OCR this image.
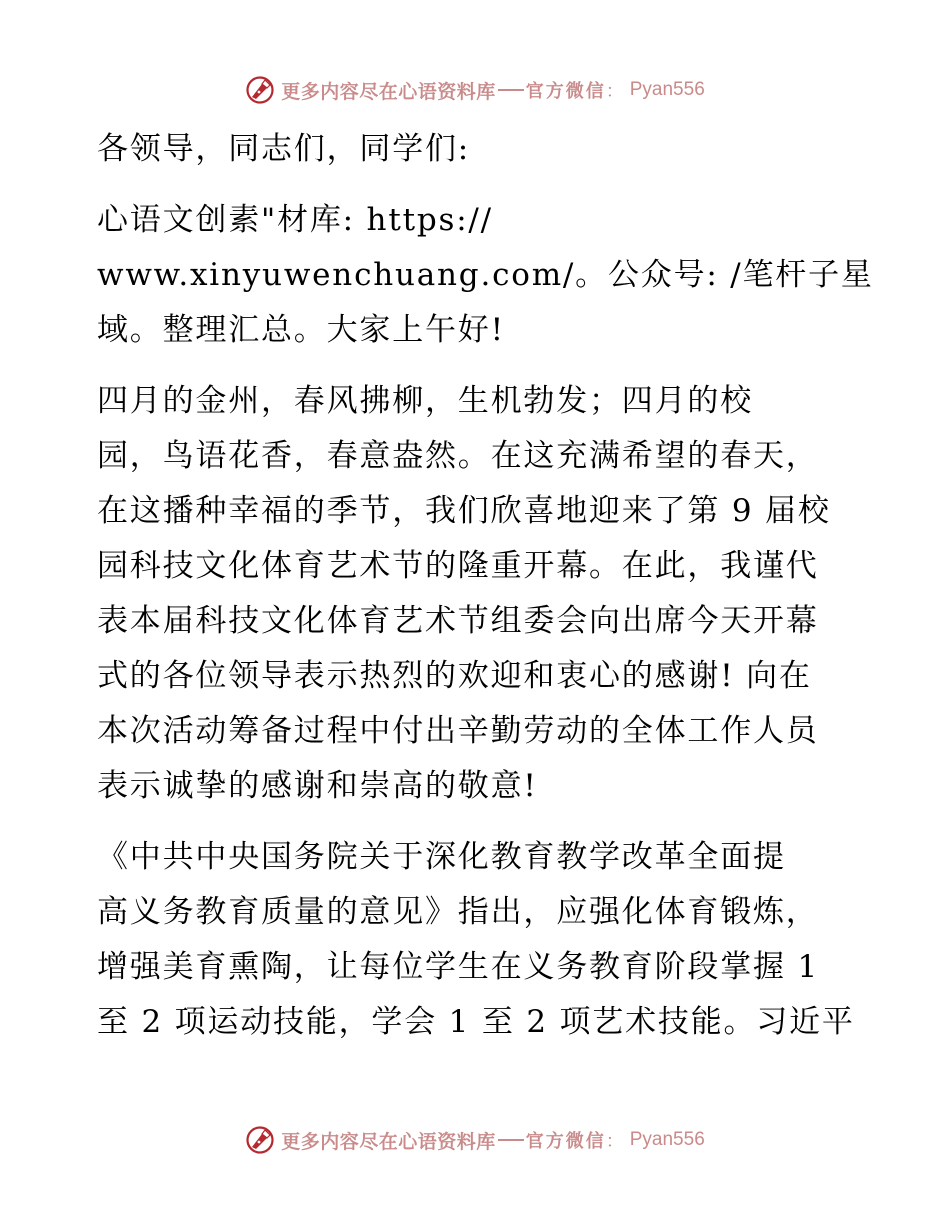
更多内容尽在心语资料库 官方微信 ： Pyan556

各领导，同志们，同学们:

心语文创素"材库: https://
www.xinyuwenchuang.com/。公众号: /笔杆子星
域。整理汇总。大家上午好!

四月的金州，春风拂柳，生机勃发；四月的校
园，鸟语花香，春意盎然。在这充满希望的春天，
在这播种幸福的季节，我们欣喜地迎来了第 9 届校
园科技文化体育艺术节的隆重开幕。在此，我谨代
表本届科技文化体育艺术节组委会向出席今天开幕
式的各位领导表示热烈的欢迎和衷心的感谢! 向在
本次活动筹备过程中付出辛勤劳动的全体工作人员
表示诚挚的感谢和崇高的敬意!

《中共中央国务院关于深化教育教学改革全面提
高义务教育质量的意见》指出，应强化体育锻炼，
增强美育熏陶，让每位学生在义务教育阶段掌握 1
至 2 项运动技能，学会 1 至 2 项艺术技能。习近平

更多内容尽在心语资料库 官方微信 ： Pyan556
